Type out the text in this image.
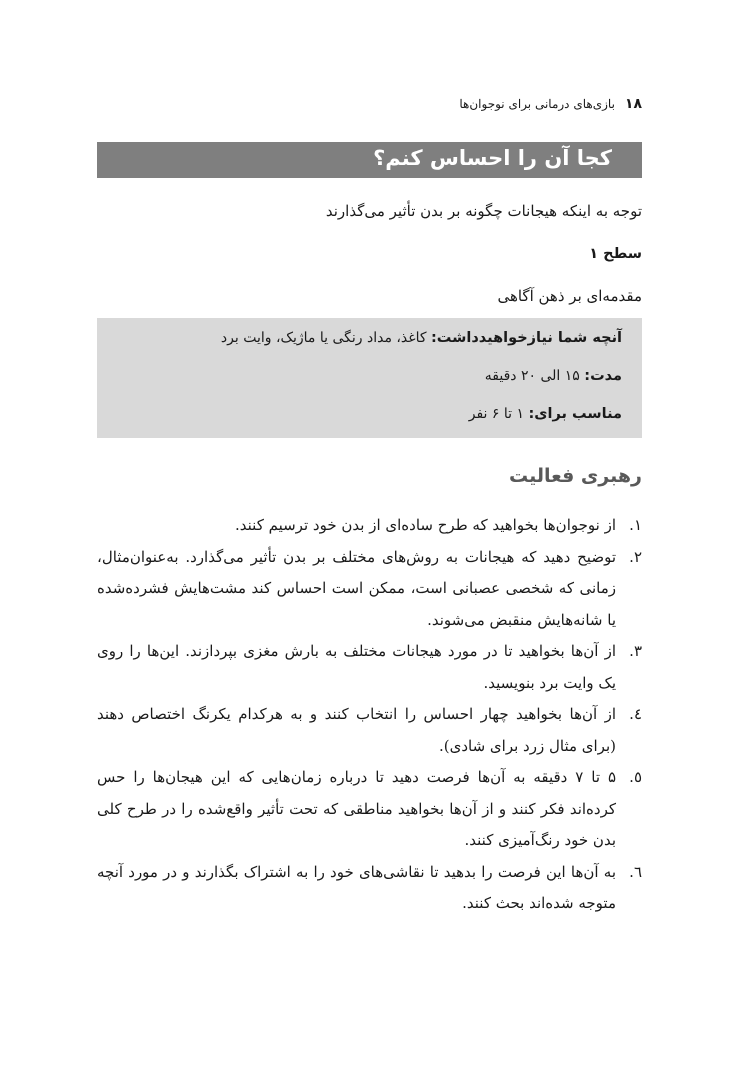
۱۸
بازی‌های درمانی برای نوجوان‌ها
کجا آن را احساس کنم؟
توجه به اینکه هیجانات چگونه بر بدن تأثیر می‌گذارند
سطح ۱
مقدمه‌ای بر ذهن آگاهی
آنچه شما نیازخواهیدداشت: کاغذ، مداد رنگی یا ماژیک، وایت برد
مدت: ۱۵ الی ۲۰ دقیقه
مناسب برای: ۱ تا ۶ نفر
رهبری فعالیت
۱.
از نوجوان‌ها بخواهید که طرح ساده‌ای از بدن خود ترسیم کنند.
۲.
توضیح دهید که هیجانات به روش‌های مختلف بر بدن تأثیر می‌گذارد. به‌عنوان‌مثال، زمانی که شخصی عصبانی است، ممکن است احساس کند مشت‌هایش فشرده‌شده یا شانه‌هایش منقبض می‌شوند.
۳.
از آن‌ها بخواهید تا در مورد هیجانات مختلف به بارش مغزی بپردازند. این‌ها را روی یک وایت برد بنویسید.
٤.
از آن‌ها بخواهید چهار احساس را انتخاب کنند و به هرکدام یکرنگ اختصاص دهند (برای مثال زرد برای شادی).
٥.
۵ تا ۷ دقیقه به آن‌ها فرصت دهید تا درباره زمان‌هایی که این هیجان‌ها را حس کرده‌اند فکر کنند و از آن‌ها بخواهید مناطقی که تحت تأثیر واقع‌شده را در طرح کلی بدن خود رنگ‌آمیزی کنند.
٦.
به آن‌ها این فرصت را بدهید تا نقاشی‌های خود را به اشتراک بگذارند و در مورد آنچه متوجه شده‌اند بحث کنند.
